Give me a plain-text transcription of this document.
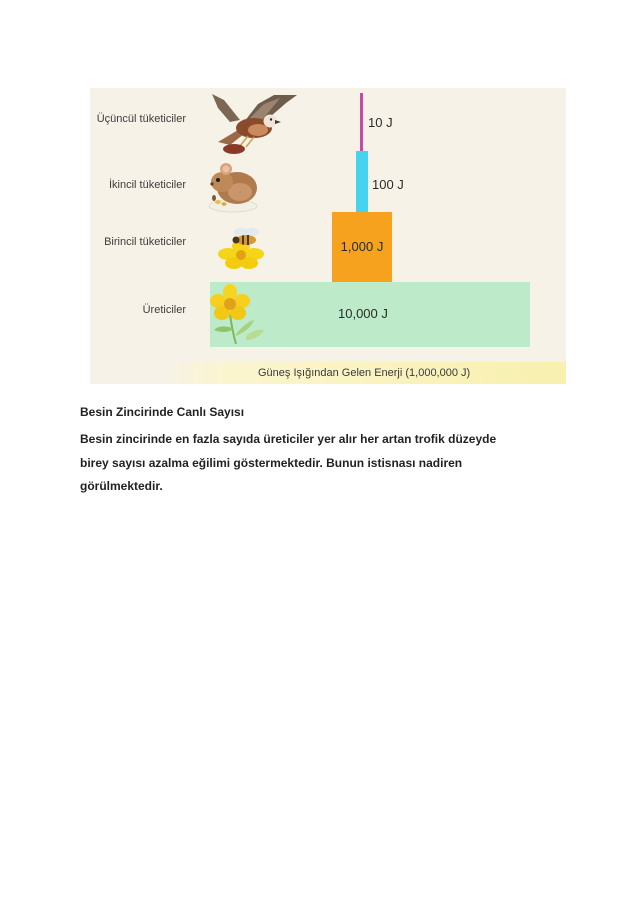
Üçüncül tüketiciler
İkincil tüketiciler
Birincil tüketiciler
Üreticiler
10 J
100 J
1,000 J
10,000 J
Güneş Işığından Gelen Enerji (1,000,000 J)
Besin Zincirinde Canlı Sayısı
Besin zincirinde en fazla sayıda üreticiler yer alır her artan trofik düzeyde
birey sayısı azalma eğilimi göstermektedir. Bunun istisnası nadiren
görülmektedir.
